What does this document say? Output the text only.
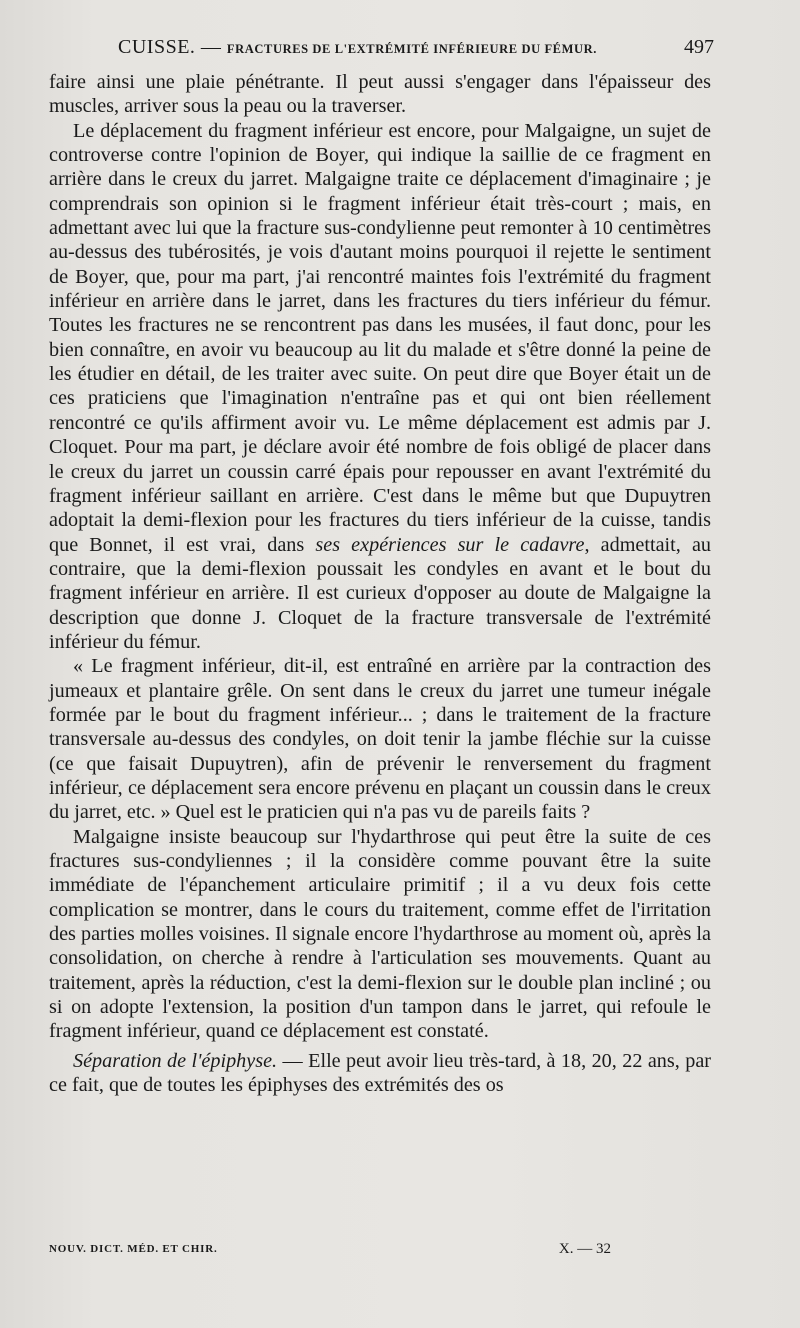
CUISSE. — FRACTURES DE L'EXTRÉMITÉ INFÉRIEURE DU FÉMUR.	497

faire ainsi une plaie pénétrante. Il peut aussi s'engager dans l'épaisseur des muscles, arriver sous la peau ou la traverser.

Le déplacement du fragment inférieur est encore, pour Malgaigne, un sujet de controverse contre l'opinion de Boyer, qui indique la saillie de ce fragment en arrière dans le creux du jarret. Malgaigne traite ce déplacement d'imaginaire ; je comprendrais son opinion si le fragment inférieur était très-court ; mais, en admettant avec lui que la fracture sus-condylienne peut remonter à 10 centimètres au-dessus des tubérosités, je vois d'autant moins pourquoi il rejette le sentiment de Boyer, que, pour ma part, j'ai rencontré maintes fois l'extrémité du fragment inférieur en arrière dans le jarret, dans les fractures du tiers inférieur du fémur. Toutes les fractures ne se rencontrent pas dans les musées, il faut donc, pour les bien connaître, en avoir vu beaucoup au lit du malade et s'être donné la peine de les étudier en détail, de les traiter avec suite. On peut dire que Boyer était un de ces praticiens que l'imagination n'entraîne pas et qui ont bien réellement rencontré ce qu'ils affirment avoir vu. Le même déplacement est admis par J. Cloquet. Pour ma part, je déclare avoir été nombre de fois obligé de placer dans le creux du jarret un coussin carré épais pour repousser en avant l'extrémité du fragment inférieur saillant en arrière. C'est dans le même but que Dupuytren adoptait la demi-flexion pour les fractures du tiers inférieur de la cuisse, tandis que Bonnet, il est vrai, dans ses expériences sur le cadavre, admettait, au contraire, que la demi-flexion poussait les condyles en avant et le bout du fragment inférieur en arrière. Il est curieux d'opposer au doute de Malgaigne la description que donne J. Cloquet de la fracture transversale de l'extrémité inférieur du fémur.

« Le fragment inférieur, dit-il, est entraîné en arrière par la contraction des jumeaux et plantaire grêle. On sent dans le creux du jarret une tumeur inégale formée par le bout du fragment inférieur... ; dans le traitement de la fracture transversale au-dessus des condyles, on doit tenir la jambe fléchie sur la cuisse (ce que faisait Dupuytren), afin de prévenir le renversement du fragment inférieur, ce déplacement sera encore prévenu en plaçant un coussin dans le creux du jarret, etc. » Quel est le praticien qui n'a pas vu de pareils faits ?

Malgaigne insiste beaucoup sur l'hydarthrose qui peut être la suite de ces fractures sus-condyliennes ; il la considère comme pouvant être la suite immédiate de l'épanchement articulaire primitif ; il a vu deux fois cette complication se montrer, dans le cours du traitement, comme effet de l'irritation des parties molles voisines. Il signale encore l'hydarthrose au moment où, après la consolidation, on cherche à rendre à l'articulation ses mouvements. Quant au traitement, après la réduction, c'est la demi-flexion sur le double plan incliné ; ou si on adopte l'extension, la position d'un tampon dans le jarret, qui refoule le fragment inférieur, quand ce déplacement est constaté.

Séparation de l'épiphyse. — Elle peut avoir lieu très-tard, à 18, 20, 22 ans, par ce fait, que de toutes les épiphyses des extrémités des os

NOUV. DICT. MÉD. ET CHIR.	X. — 32
